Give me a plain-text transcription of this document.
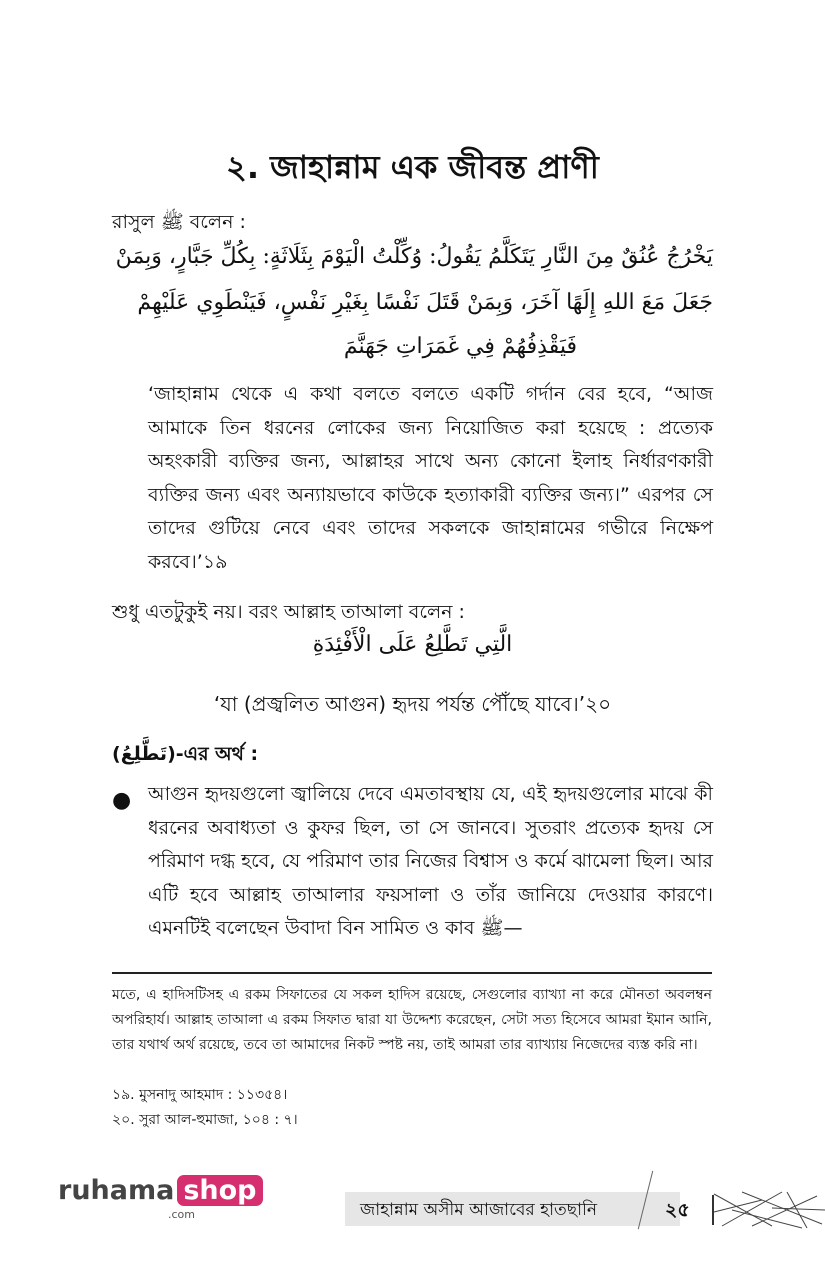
২. জাহান্নাম এক জীবন্ত প্রাণী
রাসুল ﷺ বলেন :
يَخْرُجُ عُنُقٌ مِنَ النَّارِ يَتَكَلَّمُ يَقُولُ: وُكِّلْتُ الْيَوْمَ بِثَلَاثَةٍ: بِكُلِّ جَبَّارٍ، وَبِمَنْ
جَعَلَ مَعَ اللهِ إِلَهًا آخَرَ، وَبِمَنْ قَتَلَ نَفْسًا بِغَيْرِ نَفْسٍ، فَيَنْطَوِي عَلَيْهِمْ
فَيَقْذِفُهُمْ فِي غَمَرَاتِ جَهَنَّمَ
‘জাহান্নাম থেকে এ কথা বলতে বলতে একটি গর্দান বের হবে, “আজ আমাকে তিন ধরনের লোকের জন্য নিয়োজিত করা হয়েছে : প্রত্যেক অহংকারী ব্যক্তির জন্য, আল্লাহর সাথে অন্য কোনো ইলাহ নির্ধারণকারী ব্যক্তির জন্য এবং অন্যায়ভাবে কাউকে হত্যাকারী ব্যক্তির জন্য।” এরপর সে তাদের গুটিয়ে নেবে এবং তাদের সকলকে জাহান্নামের গভীরে নিক্ষেপ করবে।’১৯
শুধু এতটুকুই নয়। বরং আল্লাহ তাআলা বলেন :
الَّتِي تَطَّلِعُ عَلَى الْأَفْئِدَةِ
‘যা (প্রজ্বলিত আগুন) হৃদয় পর্যন্ত পৌঁছে যাবে।’২০
(تَطَّلِعُ)-এর অর্থ :
● আগুন হৃদয়গুলো জ্বালিয়ে দেবে এমতাবস্থায় যে, এই হৃদয়গুলোর মাঝে কী ধরনের অবাধ্যতা ও কুফর ছিল, তা সে জানবে। সুতরাং প্রত্যেক হৃদয় সে পরিমাণ দগ্ধ হবে, যে পরিমাণ তার নিজের বিশ্বাস ও কর্মে ঝামেলা ছিল। আর এটি হবে আল্লাহ তাআলার ফয়সালা ও তাঁর জানিয়ে দেওয়ার কারণে। এমনটিই বলেছেন উবাদা বিন সামিত ও কাব ﷺ—
মতে, এ হাদিসটিসহ এ রকম সিফাতের যে সকল হাদিস রয়েছে, সেগুলোর ব্যাখ্যা না করে মৌনতা অবলম্বন অপরিহার্য। আল্লাহ তাআলা এ রকম সিফাত দ্বারা যা উদ্দেশ্য করেছেন, সেটা সত্য হিসেবে আমরা ইমান আনি, তার যথার্থ অর্থ রয়েছে, তবে তা আমাদের নিকট স্পষ্ট নয়, তাই আমরা তার ব্যাখ্যায় নিজেদের ব্যস্ত করি না।
১৯. মুসনাদু আহমাদ : ১১৩৫৪।
২০. সুরা আল-হুমাজা, ১০৪ : ৭।
ruhama shop
.com	জাহান্নাম অসীম আজাবের হাতছানি	২৫
